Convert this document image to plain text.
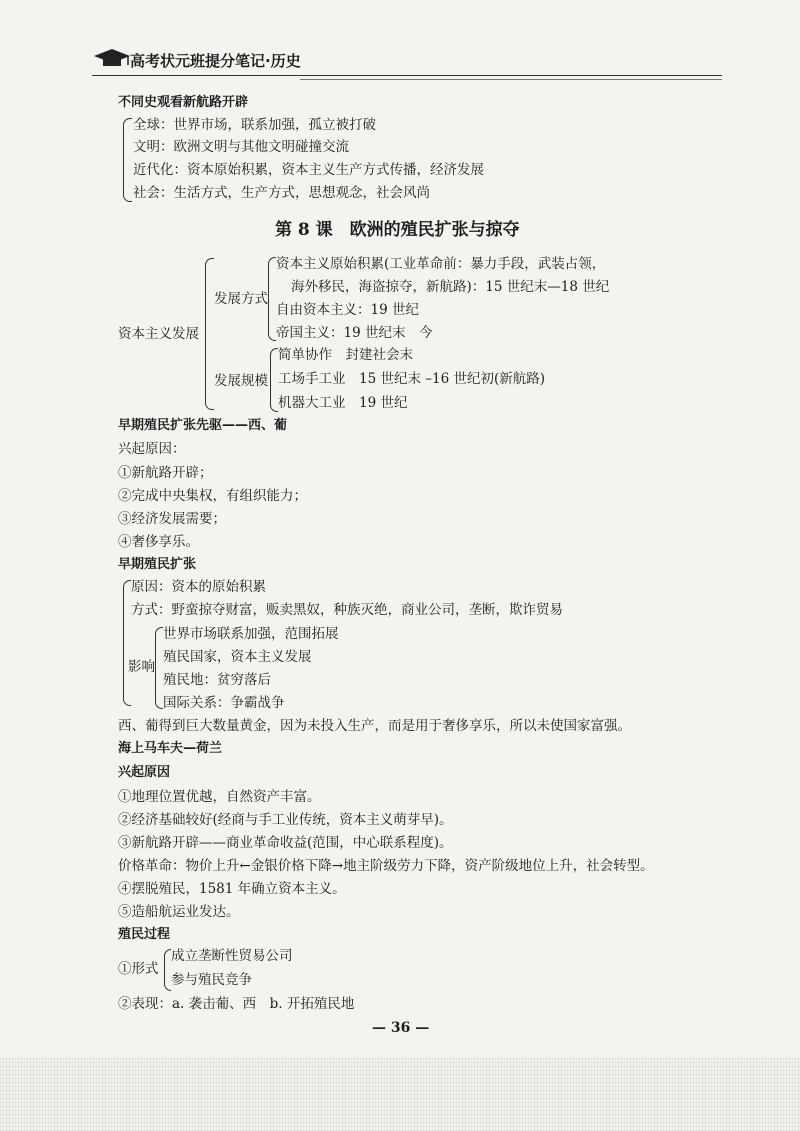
高考状元班提分笔记·历史
不同史观看新航路开辟
全球：世界市场，联系加强，孤立被打破
文明：欧洲文明与其他文明碰撞交流
近代化：资本原始积累，资本主义生产方式传播，经济发展
社会：生活方式，生产方式，思想观念，社会风尚
第 8 课　欧洲的殖民扩张与掠夺
资本主义发展
发展方式
资本主义原始积累(工业革命前：暴力手段，武装占领，
海外移民，海盗掠夺，新航路)：15 世纪末—18 世纪
自由资本主义：19 世纪
帝国主义：19 世纪末　今
发展规模
简单协作　封建社会末
工场手工业　15 世纪末 –16 世纪初(新航路)
机器大工业　19 世纪
早期殖民扩张先驱——西、葡
兴起原因：
①新航路开辟；
②完成中央集权，有组织能力；
③经济发展需要；
④奢侈享乐。
早期殖民扩张
原因：资本的原始积累
方式：野蛮掠夺财富，贩卖黑奴，种族灭绝，商业公司，垄断，欺诈贸易
影响
世界市场联系加强，范围拓展
殖民国家，资本主义发展
殖民地：贫穷落后
国际关系：争霸战争
西、葡得到巨大数量黄金，因为未投入生产，而是用于奢侈享乐，所以未使国家富强。
海上马车夫—荷兰
兴起原因
①地理位置优越，自然资产丰富。
②经济基础较好(经商与手工业传统，资本主义萌芽早)。
③新航路开辟——商业革命收益(范围，中心联系程度)。
价格革命：物价上升←金银价格下降→地主阶级劳力下降，资产阶级地位上升，社会转型。
④摆脱殖民，1581 年确立资本主义。
⑤造船航运业发达。
殖民过程
①形式
成立垄断性贸易公司
参与殖民竞争
②表现：a. 袭击葡、西　b. 开拓殖民地
— 36 —
